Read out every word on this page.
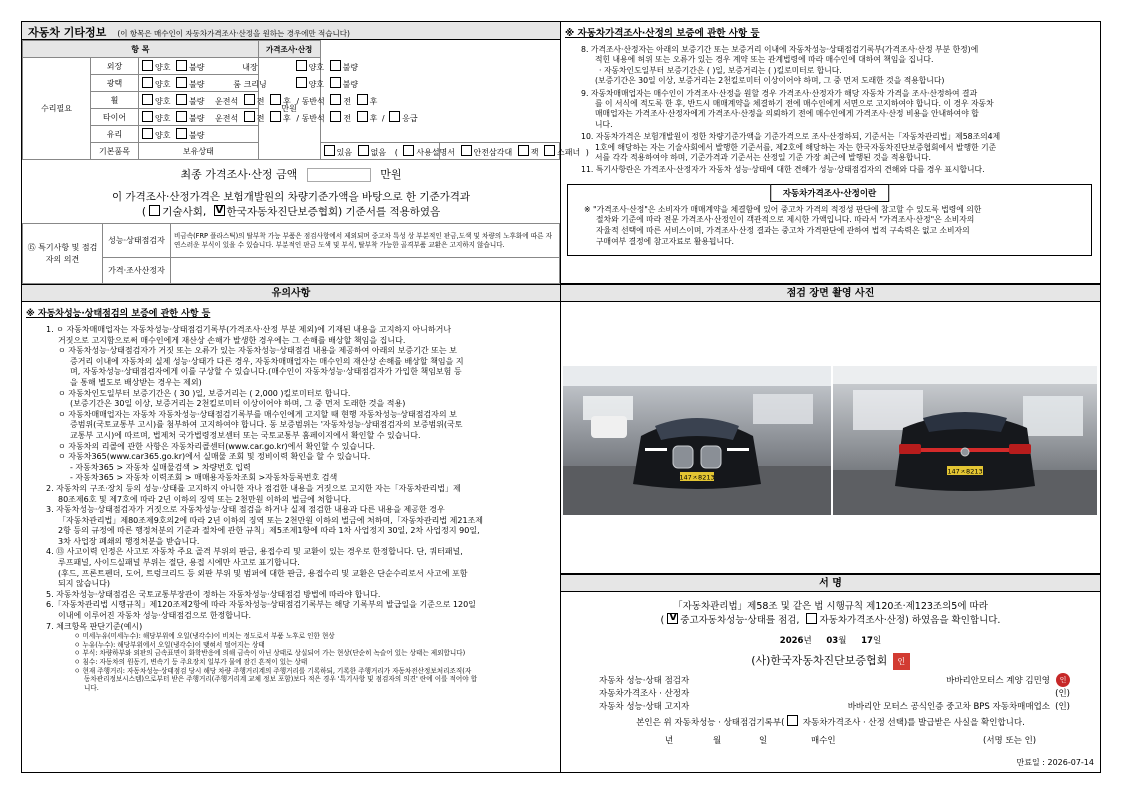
자동차 기타정보 (이 항목은 매수인이 자동차가격조사·산정을 원하는 경우에만 적습니다)
항 목			가격조사·산정		
수리필요	외장	양호 불량 내장 양호 불량	만원		
	광택	양호 불량 룸 크리닝 양호 불량			
	휠	양호 불량 운전석 전 후 / 동반석 전 후			
	타이어	양호 불량 운전석 전 후 / 동반석 전 후 / 응급			
	유리	양호 불량			
	기본품목	보유상태		있음 없음 ( 사용설명서 안전삼각대 잭 스패너 )	
최종 가격조사·산정 금액	만원
이 가격조사·산정가격은 보험개발원의 차량기준가액을 바탕으로 한 기준가격과
( 기술사회, V 한국자동차진단보증협회) 기준서를 적용하였음
⑮ 특기사항 및 점검자의 의견	성능·상태점검자	비금속(FRP 플라스틱)의 탈부착 가능 부품은 점검사항에서 제외되며 중고차 특성 상 부분적인 판금,도색 및 차량의 노후화에 따른 자연스러운 부식이 있을 수 있습니다. 부분적인 판금 도색 및 부식, 탈부착 가능한 골격부품 교환은 고지하지 않습니다.
	가격·조사산정자	
※ 자동차가격조사·산정의 보증에 관한 사항 등
8. 가격조사·산정자는 아래의 보증기간 또는 보증거리 이내에 자동차성능·상태점검기록부(가격조사·산정 부분 한정)에
적힌 내용에 허위 또는 오류가 있는 경우 계약 또는 관계법령에 따라 매수인에 대하여 책임을 집니다.
· 자동차인도일부터 보증기간은 ( )일, 보증거리는 ( )킬로미터로 합니다.
(보증기간은 30일 이상, 보증거리는 2천킬로미터 이상이어야 하며, 그 중 먼저 도래한 것을 적용합니다)
9. 자동차매매업자는 매수인이 가격조사·산정을 원할 경우 가격조사·산정자가 해당 자동차 가격을 조사·산정하여 결과
를 이 서식에 적도록 한 후, 반드시 매매계약을 체결하기 전에 매수인에게 서면으로 고지하여야 합니다. 이 경우 자동차
매매업자는 가격조사·산정자에게 가격조사·산정을 의뢰하기 전에 매수인에게 가격조사·산정 비용을 안내하여야 합
니다.
10. 자동차가격은 보험개발원이 정한 차량기준가액을 기준가격으로 조사·산정하되, 기준서는「자동차관리법」제58조의4제
1호에 해당하는 자는 기술사회에서 발행한 기준서를, 제2호에 해당하는 자는 한국자동차진단보증협회에서 발행한 기준
서를 각각 적용하여야 하며, 기준가격과 기준서는 산정일 기준 가장 최근에 발행된 것을 적용합니다.
11. 특기사항란은 가격조사·산정자가 자동차 성능·상태에 대한 견해가 성능·상태점검자의 견해와 다를 경우 표시합니다.
자동차가격조사·산정이란
※ "가격조사·산정"은 소비자가 매매계약을 체결함에 있어 중고차 가격의 적정성 판단에 참고할 수 있도록 법령에 의한
절차와 기준에 따라 전문 가격조사·산정인이 객관적으로 제시한 가액입니다. 따라서 "가격조사·산정"은 소비자의
자율적 선택에 따른 서비스이며, 가격조사·산정 결과는 중고차 가격판단에 관하여 법적 구속력은 없고 소비자의
구매여부 결정에 참고자료로 활용됩니다.
유의사항
※ 자동차성능·상태점검의 보증에 관한 사항 등
1. ㅇ 자동차매매업자는 자동차성능·상태점검기록부(가격조사·산정 부분 제외)에 기재된 내용을 고지하지 아니하거나
거짓으로 고지함으로써 매수인에게 재산상 손해가 발생한 경우에는 그 손해를 배상할 책임을 집니다.
ㅇ 자동차성능·상태점검자가 거짓 또는 오류가 있는 자동차성능·상태점검 내용을 제공하여 아래의 보증기간 또는 보
증거리 이내에 자동차의 실제 성능·상태가 다른 경우, 자동차매매업자는 매수인의 재산상 손해를 배상할 책임을 지
며, 자동차성능·상태점검자에게 이를 구상할 수 있습니다.(매수인이 자동차성능·상태점검자가 가입한 책임보험 등
을 통해 별도로 배상받는 경우는 제외)
ㅇ 자동차인도일부터 보증기간은 ( 30 )일, 보증거리는 ( 2,000 )킬로미터로 합니다.
(보증기간은 30일 이상, 보증거리는 2천킬로미터 이상이어야 하며, 그 중 먼저 도래한 것을 적용)
ㅇ 자동차매매업자는 자동차 자동차성능·상태점검기록부를 매수인에게 고지할 때 현행 자동차성능·상태점검자의 보
증범위(국토교통부 고시)를 첨부하여 고지하여야 합니다. 동 보증범위는 '자동차성능·상태점검자의 보증범위(국토
교통부 고시)에 따르며, 법제처 국가법령정보센터 또는 국토교통부 홈페이지에서 확인할 수 있습니다.
ㅇ 자동차의 리콜에 관한 사항은 자동차리콜센터(www.car.go.kr)에서 확인할 수 있습니다.
ㅇ 자동차365(www.car365.go.kr)에서 실매물 조회 및 정비이력 확인을 할 수 있습니다.
- 자동차365 > 자동차 실매물검색 > 차량번호 입력
- 자동차365 > 자동차 이력조회 > 매매용자동차조회 >자동차등록번호 검색
2. 자동차의 구조·장치 등의 성능·상태를 고지하지 아니한 자나 점검한 내용을 거짓으로 고지한 자는「자동차관리법」제
80조제6호 및 제7호에 따라 2년 이하의 징역 또는 2천만원 이하의 벌금에 처합니다.
3. 자동차성능·상태점검자가 거짓으로 자동차성능·상태 점검을 하거나 실제 점검한 내용과 다른 내용을 제공한 경우
「자동차관리법」제80조제9호의2에 따라 2년 이하의 징역 또는 2천만원 이하의 벌금에 처하며,「자동차관리법 제21조제
2항 등의 규정에 따른 행정처분의 기준과 절차에 관한 규칙」제5조제1항에 따라 1차 사업정지 30일, 2차 사업정지 90일,
3차 사업장 폐쇄의 행정처분을 받습니다.
4. ⑬ 사고이력 인정은 사고로 자동차 주요 골격 부위의 판금, 용접수리 및 교환이 있는 경우로 한정합니다. 단, 쿼터패널,
루프패널, 사이드실패널 부위는 절단, 용접 시에만 사고로 표기합니다.
(후드, 프론트펜더, 도어, 트렁크리드 등 외판 부위 및 범퍼에 대한 판금, 용접수리 및 교환은 단순수리로서 사고에 포함
되지 않습니다)
5. 자동차성능·상태점검은 국토교통부장관이 정하는 자동차성능·상태점검 방법에 따라야 합니다.
6.「자동차관리법 시행규칙」제120조제2항에 따라 자동차성능·상태점검기록부는 해당 기록부의 발급일을 기준으로 120일
이내에 이루어진 자동차 성능·상태점검으로 한정합니다.
7. 체크항목 판단기준(예시)
ㅇ 미세누유(미세누수): 해당부위에 오일(냉각수)이 비치는 정도로서 부품 노후로 인한 현상
ㅇ 누유(누수): 해당부위에서 오일(냉각수)이 맺혀서 떨어지는 상태
ㅇ 부식: 차량하부와 외판의 금속표면이 화학반응에 의해 금속이 아닌 상태로 상실되어 가는 현상(단순히 녹슬어 있는 상태는 제외합니다)
ㅇ 침수: 자동차의 원동기, 변속기 등 주요장치 일부가 물에 잠긴 흔적이 있는 상태
ㅇ 현재 주행거리: 자동차성능·상태점검 당시 해당 차량 주행거리계의 주행거리를 기록하되, 기록한 주행거리가 자동차전산정보처리조직(자
동차관리정보시스템)으로부터 받은 주행거리(주행거리계 교체 정보 포함)보다 적은 경우 '특기사항 및 점검자의 의견' 란에 이를 적어야 합
니다.
점검 장면 촬영 사진
147ㅈ8213
147ㅈ8213
서 명
「자동차관리법」제58조 및 같은 법 시행규칙 제120조·제123조의5에 따라
( V 중고자동차성능·상태를 점검, 자동차가격조사·산정) 하였음을 확인합니다.
2026년 03월 17일
(사)한국자동차진단보증협회 인
자동차 성능·상태 점검자	바바리안모터스 계양 김민영	인
자동차가격조사 · 산정자	(인)
자동차 성능·상태 고지자	바바리안 모터스 공식인증 중고차 BPS 자동차매매업소 (인)
본인은 위 자동차성능 · 상태점검기록부( 자동차가격조사 · 산정 선택)를 발급받은 사실을 확인합니다.
년	월	일	매수인	(서명 또는 인)
만료일 : 2026-07-14
